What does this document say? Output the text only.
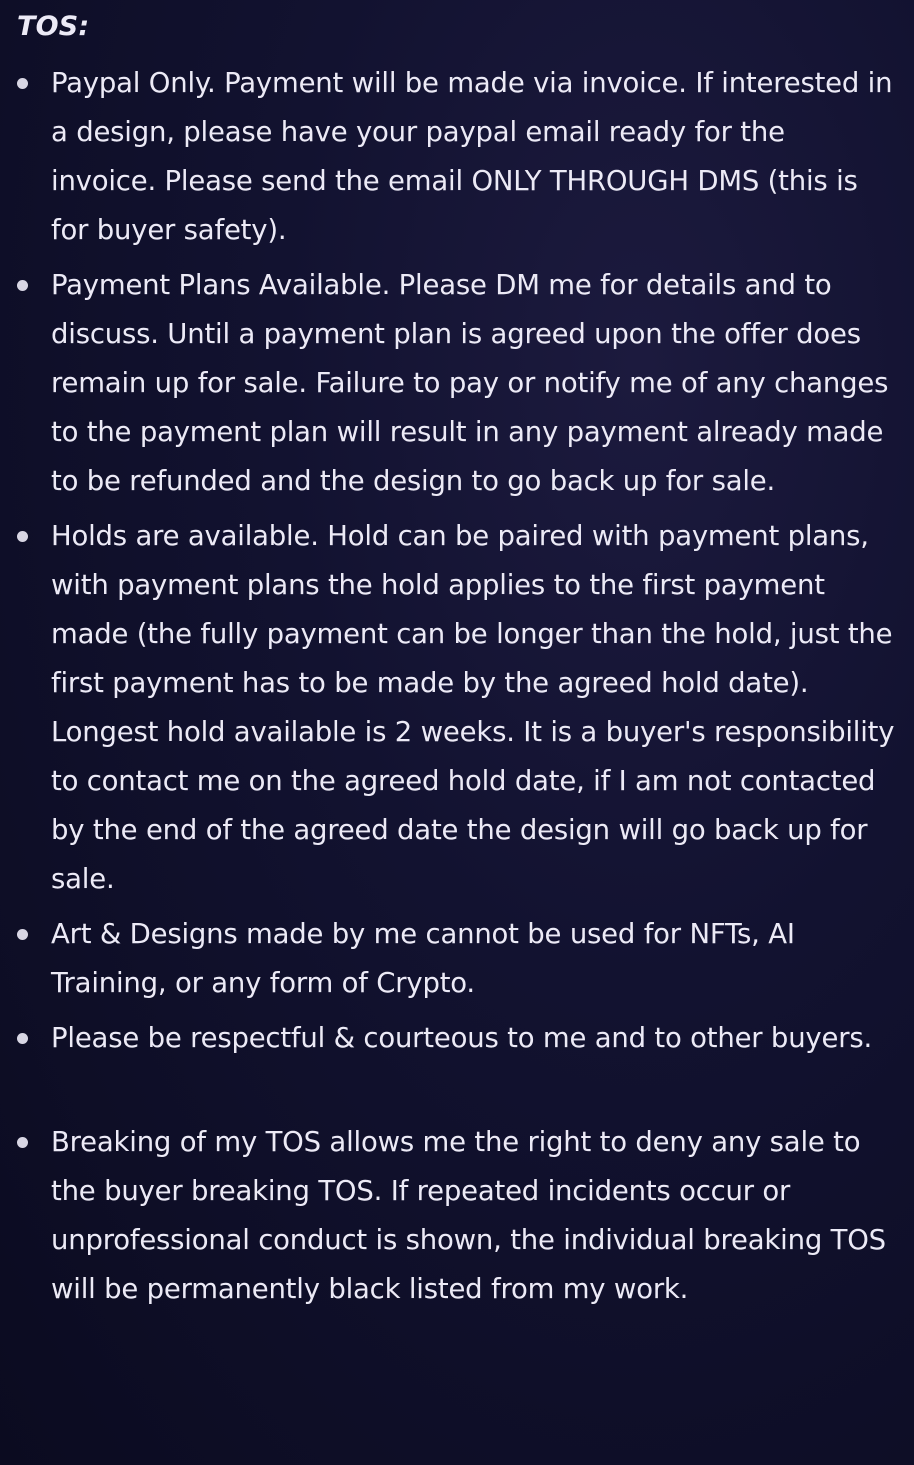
TOS:
Paypal Only. Payment will be made via invoice. If interested in a design, please have your paypal email ready for the invoice. Please send the email ONLY THROUGH DMS (this is for buyer safety).
Payment Plans Available. Please DM me for details and to discuss. Until a payment plan is agreed upon the offer does remain up for sale. Failure to pay or notify me of any changes to the payment plan will result in any payment already made to be refunded and the design to go back up for sale.
Holds are available. Hold can be paired with payment plans, with payment plans the hold applies to the first payment made (the fully payment can be longer than the hold, just the first payment has to be made by the agreed hold date). Longest hold available is 2 weeks. It is a buyer's responsibility to contact me on the agreed hold date, if I am not contacted by the end of the agreed date the design will go back up for sale.
Art & Designs made by me cannot be used for NFTs, AI Training, or any form of Crypto.
Please be respectful & courteous to me and to other buyers.
Breaking of my TOS allows me the right to deny any sale to the buyer breaking TOS. If repeated incidents occur or unprofessional conduct is shown, the individual breaking TOS will be permanently black listed from my work.
